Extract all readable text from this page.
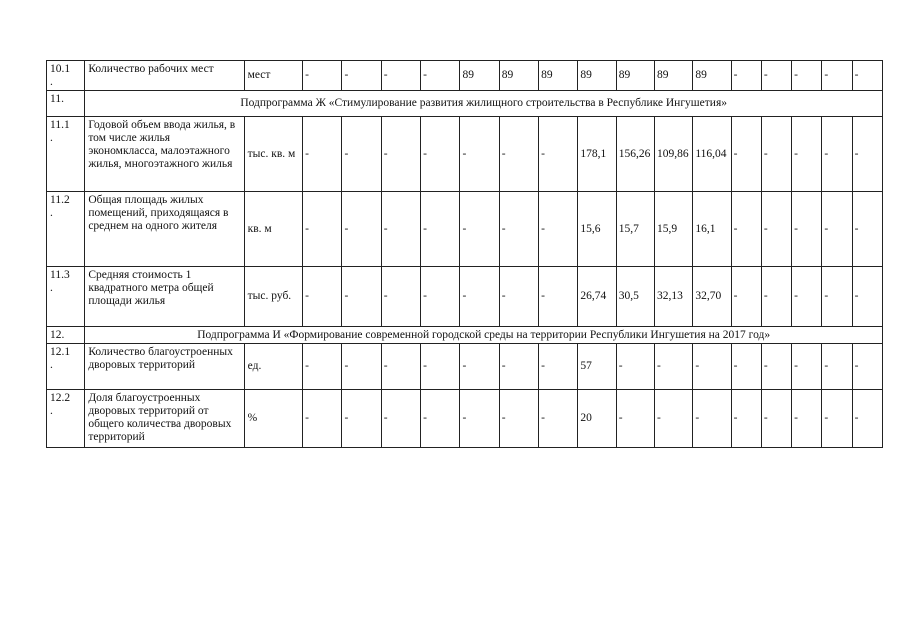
10.1
.	Количество рабочих мест	мест	-	-	-	-	89	89	89	89	89	89	89	-	-	-	-	-
11.	Подпрограмма Ж «Стимулирование развития жилищного строительства в Республике Ингушетия»																	
11.1
.	Годовой объем ввода жилья, в том числе жилья экономкласса, малоэтажного жилья, многоэтажного жилья	тыс. кв. м	-	-	-	-	-	-	-	178,1	156,26	109,86	116,04	-	-	-	-	-
11.2
.	Общая площадь жилых помещений, приходящаяся в среднем на одного жителя	кв. м	-	-	-	-	-	-	-	15,6	15,7	15,9	16,1	-	-	-	-	-
11.3
.	Средняя стоимость 1 квадратного метра общей площади жилья	тыс. руб.	-	-	-	-	-	-	-	26,74	30,5	32,13	32,70	-	-	-	-	-
12.	Подпрограмма И «Формирование современной городской среды на территории Республики Ингушетия на 2017 год»																	
12.1
.	Количество благоустроенных дворовых территорий	ед.	-	-	-	-	-	-	-	57	-	-	-	-	-	-	-	-
12.2
.	Доля благоустроенных дворовых территорий от общего количества дворовых территорий	%	-	-	-	-	-	-	-	20	-	-	-	-	-	-	-	-
